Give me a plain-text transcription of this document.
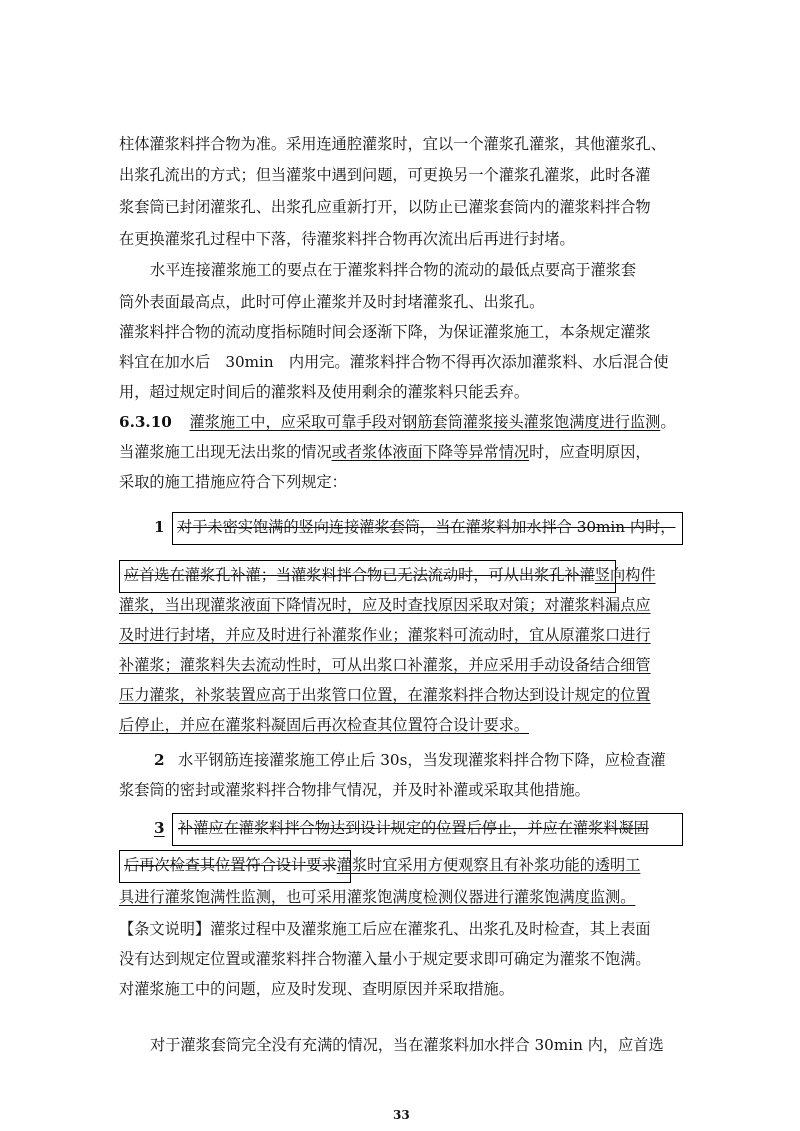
柱体灌浆料拌合物为准。采用连通腔灌浆时，宜以一个灌浆孔灌浆，其他灌浆孔、
出浆孔流出的方式；但当灌浆中遇到问题，可更换另一个灌浆孔灌浆，此时各灌
浆套筒已封闭灌浆孔、出浆孔应重新打开，以防止已灌浆套筒内的灌浆料拌合物
在更换灌浆孔过程中下落，待灌浆料拌合物再次流出后再进行封堵。
水平连接灌浆施工的要点在于灌浆料拌合物的流动的最低点要高于灌浆套
筒外表面最高点，此时可停止灌浆并及时封堵灌浆孔、出浆孔。
灌浆料拌合物的流动度指标随时间会逐渐下降，为保证灌浆施工，本条规定灌浆
料宜在加水后　30min　内用完。灌浆料拌合物不得再次添加灌浆料、水后混合使
用，超过规定时间后的灌浆料及使用剩余的灌浆料只能丢弃。
6.3.10 灌浆施工中，应采取可靠手段对钢筋套筒灌浆接头灌浆饱满度进行监测。
当灌浆施工出现无法出浆的情况或者浆体液面下降等异常情况时，应查明原因，
采取的施工措施应符合下列规定：
1 对于未密实饱满的竖向连接灌浆套筒，当在灌浆料加水拌合 30min 内时，
应首选在灌浆孔补灌；当灌浆料拌合物已无法流动时，可从出浆孔补灌竖向构件
灌浆，当出现灌浆液面下降情况时，应及时查找原因采取对策；对灌浆料漏点应
及时进行封堵，并应及时进行补灌浆作业；灌浆料可流动时，宜从原灌浆口进行
补灌浆；灌浆料失去流动性时，可从出浆口补灌浆，并应采用手动设备结合细管
压力灌浆，补浆装置应高于出浆管口位置，在灌浆料拌合物达到设计规定的位置
后停止，并应在灌浆料凝固后再次检查其位置符合设计要求。
2 水平钢筋连接灌浆施工停止后 30s，当发现灌浆料拌合物下降，应检查灌
浆套筒的密封或灌浆料拌合物排气情况，并及时补灌或采取其他措施。
3 补灌应在灌浆料拌合物达到设计规定的位置后停止，并应在灌浆料凝固
后再次检查其位置符合设计要求灌浆时宜采用方便观察且有补浆功能的透明工
具进行灌浆饱满性监测，也可采用灌浆饱满度检测仪器进行灌浆饱满度监测。
【条文说明】灌浆过程中及灌浆施工后应在灌浆孔、出浆孔及时检查，其上表面
没有达到规定位置或灌浆料拌合物灌入量小于规定要求即可确定为灌浆不饱满。
对灌浆施工中的问题，应及时发现、查明原因并采取措施。
对于灌浆套筒完全没有充满的情况，当在灌浆料加水拌合 30min 内，应首选
33
